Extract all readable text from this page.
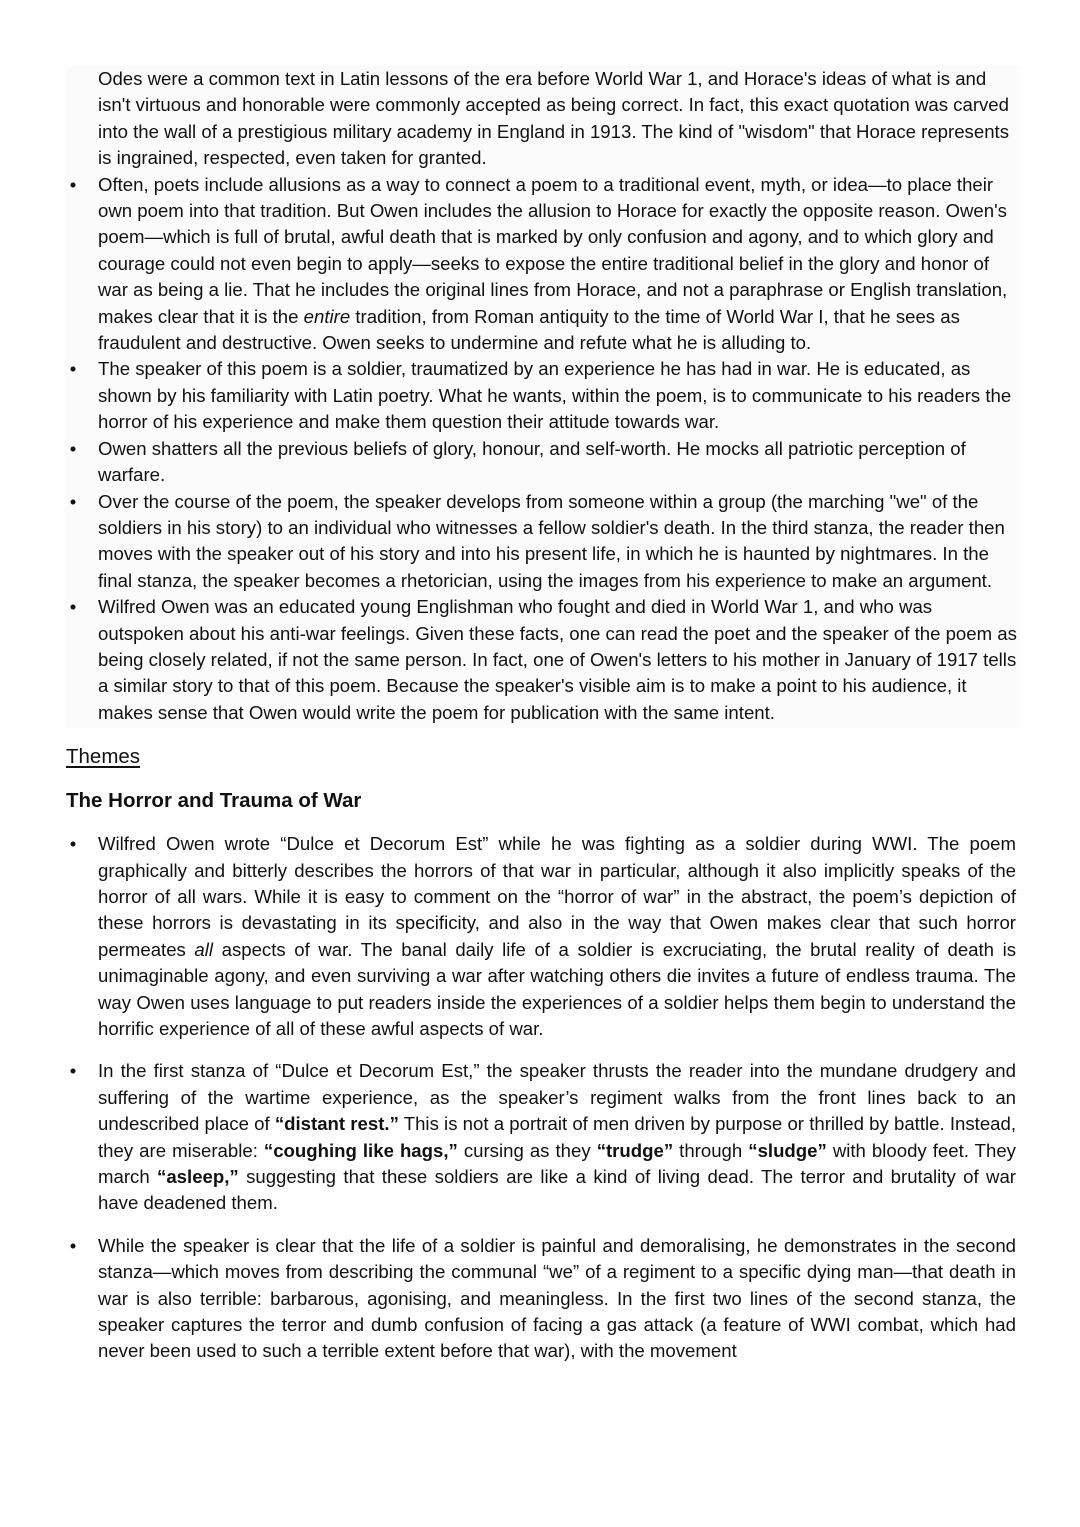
Odes were a common text in Latin lessons of the era before World War 1, and Horace's ideas of what is and isn't virtuous and honorable were commonly accepted as being correct. In fact, this exact quotation was carved into the wall of a prestigious military academy in England in 1913. The kind of "wisdom" that Horace represents is ingrained, respected, even taken for granted.

• Often, poets include allusions as a way to connect a poem to a traditional event, myth, or idea—to place their own poem into that tradition. But Owen includes the allusion to Horace for exactly the opposite reason. Owen's poem—which is full of brutal, awful death that is marked by only confusion and agony, and to which glory and courage could not even begin to apply—seeks to expose the entire traditional belief in the glory and honor of war as being a lie. That he includes the original lines from Horace, and not a paraphrase or English translation, makes clear that it is the entire tradition, from Roman antiquity to the time of World War I, that he sees as fraudulent and destructive. Owen seeks to undermine and refute what he is alluding to.
• The speaker of this poem is a soldier, traumatized by an experience he has had in war. He is educated, as shown by his familiarity with Latin poetry. What he wants, within the poem, is to communicate to his readers the horror of his experience and make them question their attitude towards war.
• Owen shatters all the previous beliefs of glory, honour, and self-worth. He mocks all patriotic perception of warfare.
• Over the course of the poem, the speaker develops from someone within a group (the marching "we" of the soldiers in his story) to an individual who witnesses a fellow soldier's death. In the third stanza, the reader then moves with the speaker out of his story and into his present life, in which he is haunted by nightmares. In the final stanza, the speaker becomes a rhetorician, using the images from his experience to make an argument.
• Wilfred Owen was an educated young Englishman who fought and died in World War 1, and who was outspoken about his anti-war feelings. Given these facts, one can read the poet and the speaker of the poem as being closely related, if not the same person. In fact, one of Owen's letters to his mother in January of 1917 tells a similar story to that of this poem. Because the speaker's visible aim is to make a point to his audience, it makes sense that Owen would write the poem for publication with the same intent.

Themes

The Horror and Trauma of War

• Wilfred Owen wrote “Dulce et Decorum Est” while he was fighting as a soldier during WWI. The poem graphically and bitterly describes the horrors of that war in particular, although it also implicitly speaks of the horror of all wars. While it is easy to comment on the “horror of war” in the abstract, the poem’s depiction of these horrors is devastating in its specificity, and also in the way that Owen makes clear that such horror permeates all aspects of war. The banal daily life of a soldier is excruciating, the brutal reality of death is unimaginable agony, and even surviving a war after watching others die invites a future of endless trauma. The way Owen uses language to put readers inside the experiences of a soldier helps them begin to understand the horrific experience of all of these awful aspects of war.
• In the first stanza of “Dulce et Decorum Est,” the speaker thrusts the reader into the mundane drudgery and suffering of the wartime experience, as the speaker’s regiment walks from the front lines back to an undescribed place of “distant rest.” This is not a portrait of men driven by purpose or thrilled by battle. Instead, they are miserable: “coughing like hags,” cursing as they “trudge” through “sludge” with bloody feet. They march “asleep,” suggesting that these soldiers are like a kind of living dead. The terror and brutality of war have deadened them.
• While the speaker is clear that the life of a soldier is painful and demoralising, he demonstrates in the second stanza—which moves from describing the communal “we” of a regiment to a specific dying man—that death in war is also terrible: barbarous, agonising, and meaningless. In the first two lines of the second stanza, the speaker captures the terror and dumb confusion of facing a gas attack (a feature of WWI combat, which had never been used to such a terrible extent before that war), with the movement
